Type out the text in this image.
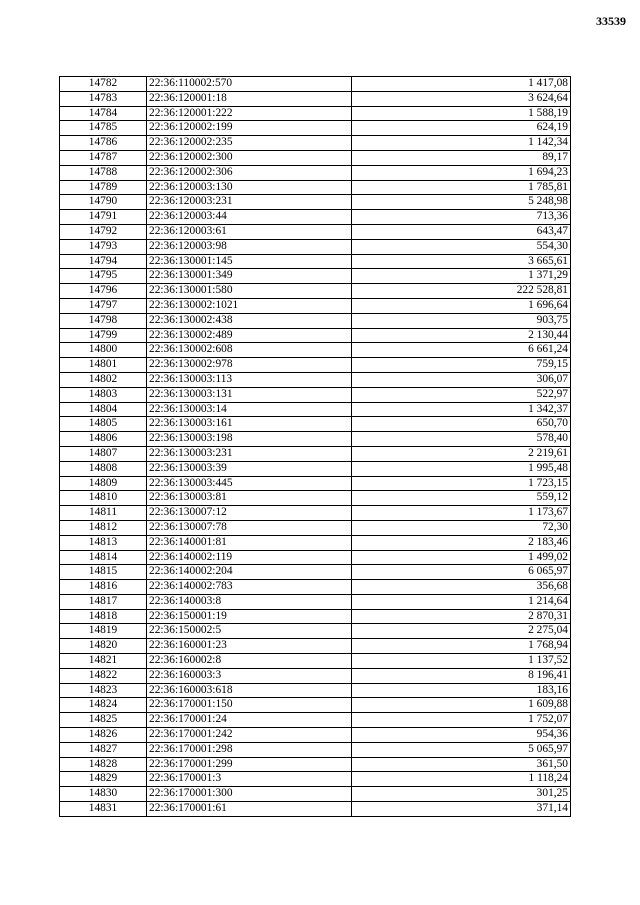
33539
14782	22:36:110002:570	1 417,08
14783	22:36:120001:18	3 624,64
14784	22:36:120001:222	1 588,19
14785	22:36:120002:199	624,19
14786	22:36:120002:235	1 142,34
14787	22:36:120002:300	89,17
14788	22:36:120002:306	1 694,23
14789	22:36:120003:130	1 785,81
14790	22:36:120003:231	5 248,98
14791	22:36:120003:44	713,36
14792	22:36:120003:61	643,47
14793	22:36:120003:98	554,30
14794	22:36:130001:145	3 665,61
14795	22:36:130001:349	1 371,29
14796	22:36:130001:580	222 528,81
14797	22:36:130002:1021	1 696,64
14798	22:36:130002:438	903,75
14799	22:36:130002:489	2 130,44
14800	22:36:130002:608	6 661,24
14801	22:36:130002:978	759,15
14802	22:36:130003:113	306,07
14803	22:36:130003:131	522,97
14804	22:36:130003:14	1 342,37
14805	22:36:130003:161	650,70
14806	22:36:130003:198	578,40
14807	22:36:130003:231	2 219,61
14808	22:36:130003:39	1 995,48
14809	22:36:130003:445	1 723,15
14810	22:36:130003:81	559,12
14811	22:36:130007:12	1 173,67
14812	22:36:130007:78	72,30
14813	22:36:140001:81	2 183,46
14814	22:36:140002:119	1 499,02
14815	22:36:140002:204	6 065,97
14816	22:36:140002:783	356,68
14817	22:36:140003:8	1 214,64
14818	22:36:150001:19	2 870,31
14819	22:36:150002:5	2 275,04
14820	22:36:160001:23	1 768,94
14821	22:36:160002:8	1 137,52
14822	22:36:160003:3	8 196,41
14823	22:36:160003:618	183,16
14824	22:36:170001:150	1 609,88
14825	22:36:170001:24	1 752,07
14826	22:36:170001:242	954,36
14827	22:36:170001:298	5 065,97
14828	22:36:170001:299	361,50
14829	22:36:170001:3	1 118,24
14830	22:36:170001:300	301,25
14831	22:36:170001:61	371,14
